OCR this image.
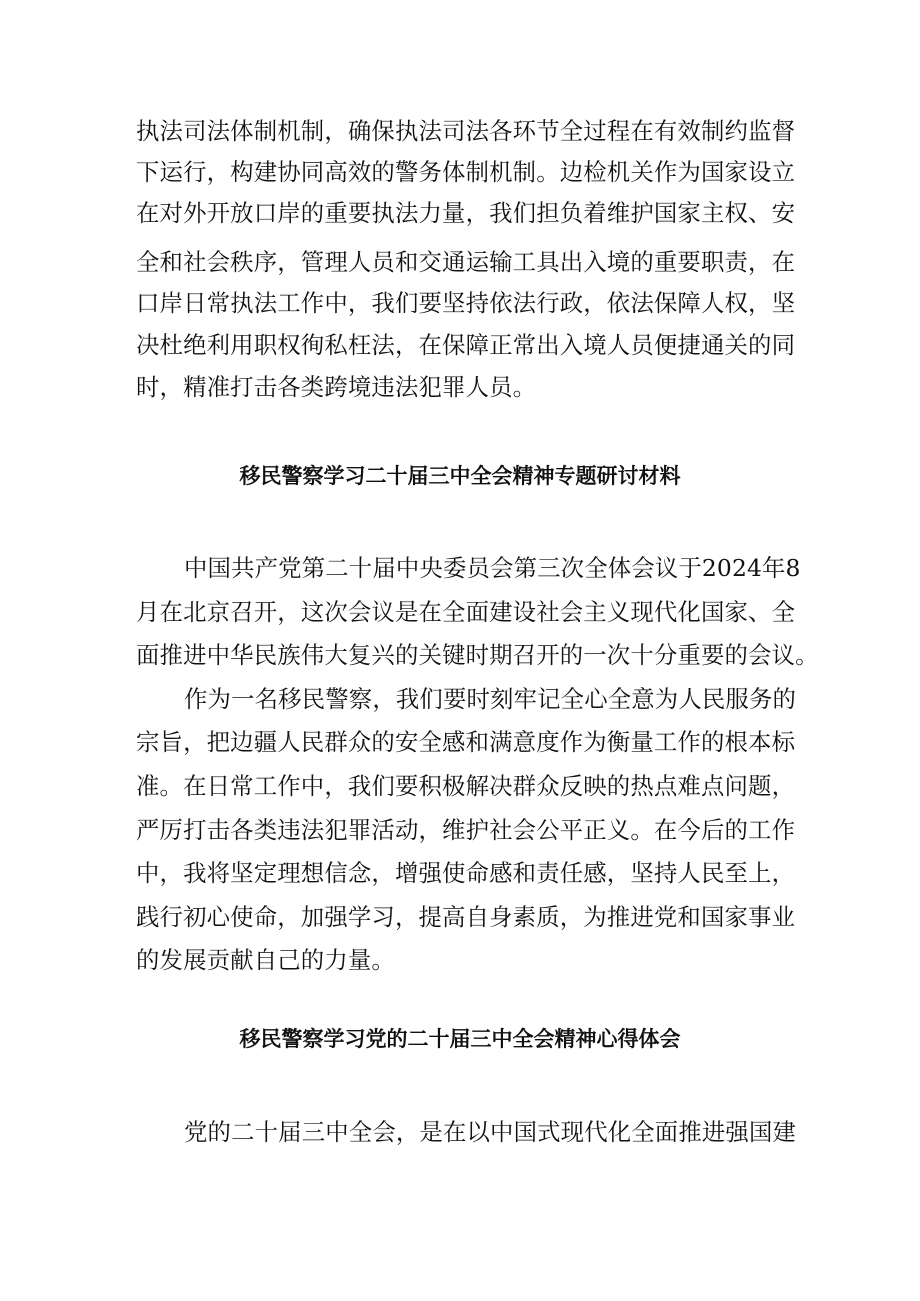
执法司法体制机制，确保执法司法各环节全过程在有效制约监督
下运行，构建协同高效的警务体制机制。边检机关作为国家设立
在对外开放口岸的重要执法力量，我们担负着维护国家主权、安
全和社会秩序，管理人员和交通运输工具出入境的重要职责，在
口岸日常执法工作中，我们要坚持依法行政，依法保障人权，坚
决杜绝利用职权徇私枉法，在保障正常出入境人员便捷通关的同
时，精准打击各类跨境违法犯罪人员。
移民警察学习二十届三中全会精神专题研讨材料
中国共产党第二十届中央委员会第三次全体会议于2024年8
月在北京召开，这次会议是在全面建设社会主义现代化国家、全
面推进中华民族伟大复兴的关键时期召开的一次十分重要的会议。
作为一名移民警察，我们要时刻牢记全心全意为人民服务的
宗旨，把边疆人民群众的安全感和满意度作为衡量工作的根本标
准。在日常工作中，我们要积极解决群众反映的热点难点问题，
严厉打击各类违法犯罪活动，维护社会公平正义。在今后的工作
中，我将坚定理想信念，增强使命感和责任感，坚持人民至上，
践行初心使命，加强学习，提高自身素质，为推进党和国家事业
的发展贡献自己的力量。
移民警察学习党的二十届三中全会精神心得体会
党的二十届三中全会，是在以中国式现代化全面推进强国建
